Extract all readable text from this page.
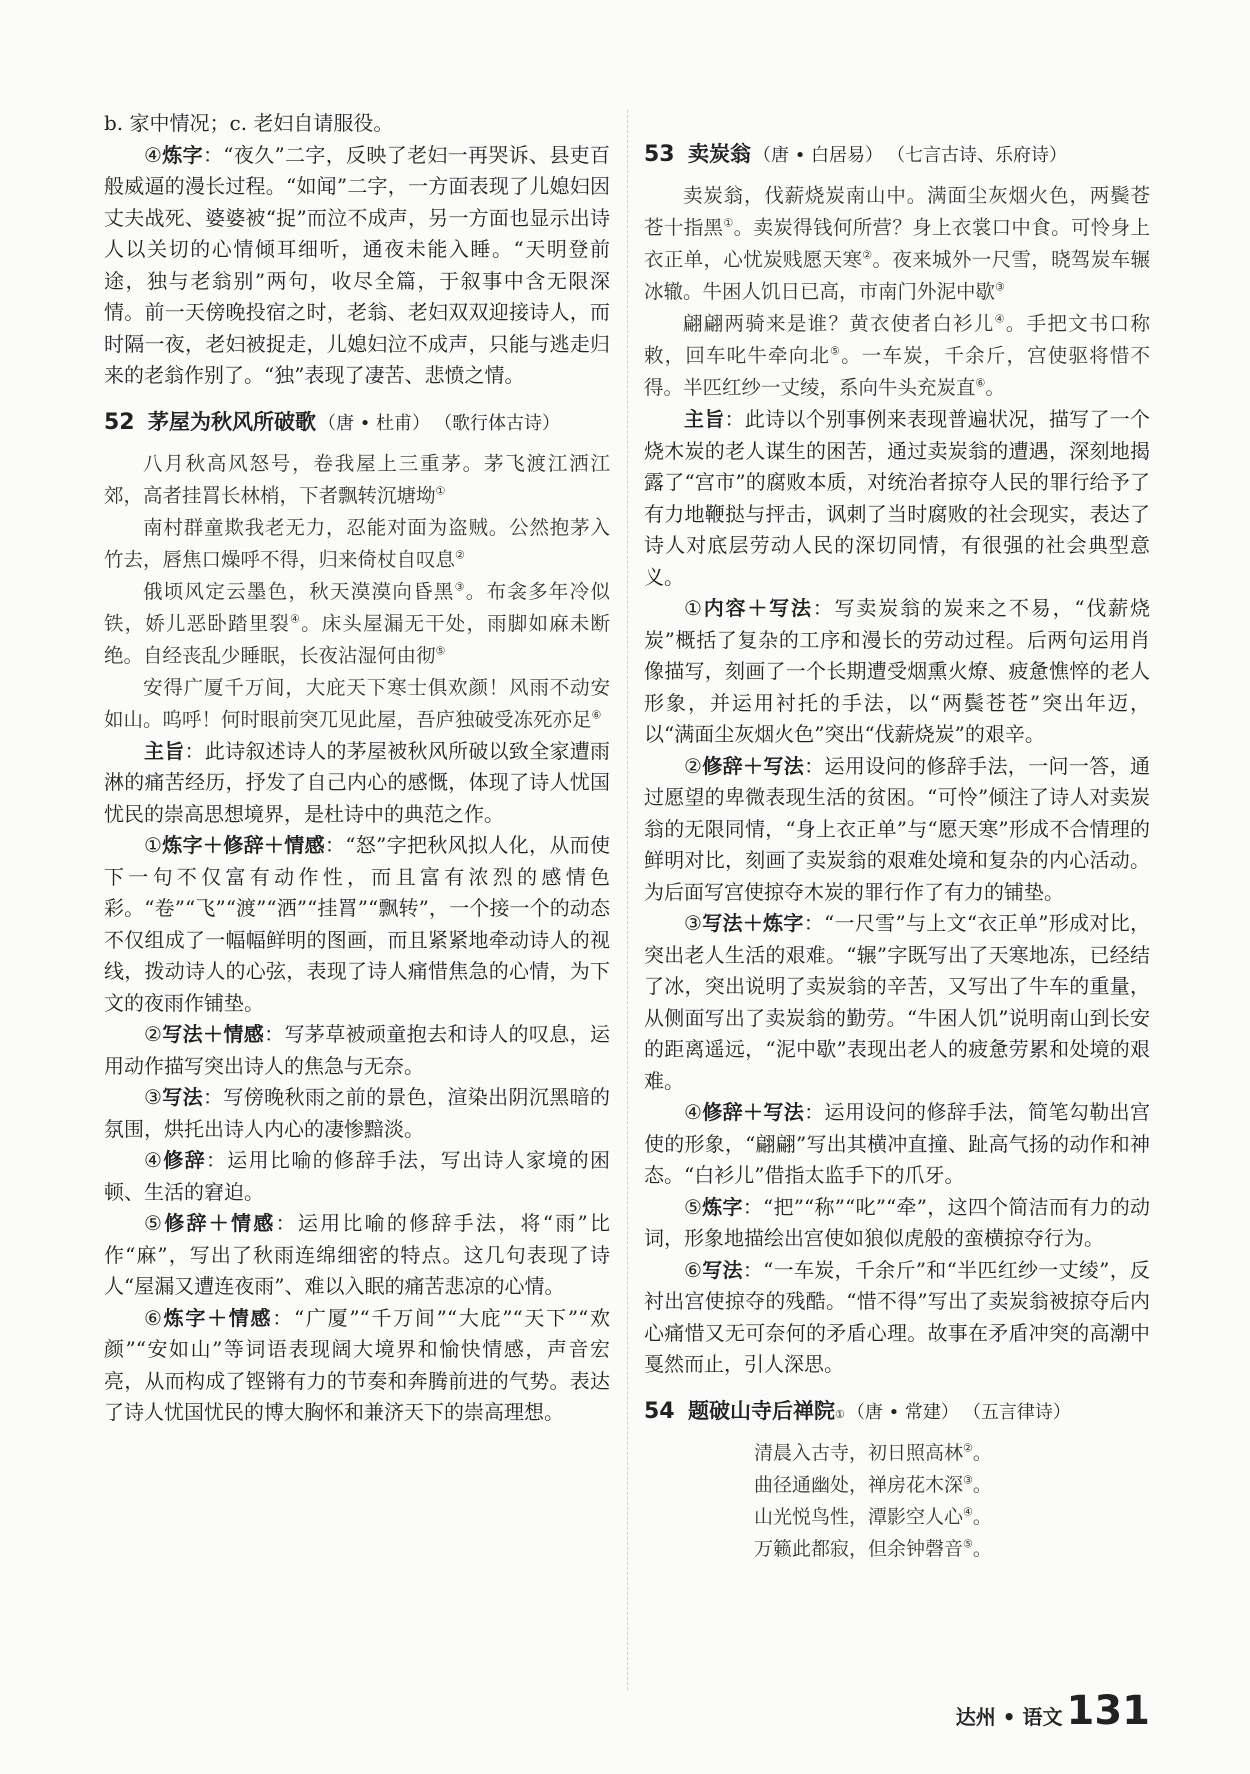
b. 家中情况；c. 老妇自请服役。

④炼字：“夜久”二字，反映了老妇一再哭诉、县吏百般威逼的漫长过程。“如闻”二字，一方面表现了儿媳妇因丈夫战死、婆婆被“捉”而泣不成声，另一方面也显示出诗人以关切的心情倾耳细听，通夜未能入睡。“天明登前途，独与老翁别”两句，收尽全篇，于叙事中含无限深情。前一天傍晚投宿之时，老翁、老妇双双迎接诗人，而时隔一夜，老妇被捉走，儿媳妇泣不成声，只能与逃走归来的老翁作别了。“独”表现了凄苦、悲愤之情。

52 茅屋为秋风所破歌 （唐 • 杜甫） （歌行体古诗）

八月秋高风怒号，卷我屋上三重茅。茅飞渡江洒江郊，高者挂罥长林梢，下者飘转沉塘坳①

南村群童欺我老无力，忍能对面为盗贼。公然抱茅入竹去，唇焦口燥呼不得，归来倚杖自叹息②

俄顷风定云墨色，秋天漠漠向昏黑③。布衾多年冷似铁，娇儿恶卧踏里裂④。床头屋漏无干处，雨脚如麻未断绝。自经丧乱少睡眠，长夜沾湿何由彻⑤

安得广厦千万间，大庇天下寒士俱欢颜！风雨不动安如山。呜呼！何时眼前突兀见此屋，吾庐独破受冻死亦足⑥

主旨：此诗叙述诗人的茅屋被秋风所破以致全家遭雨淋的痛苦经历，抒发了自己内心的感慨，体现了诗人忧国忧民的崇高思想境界，是杜诗中的典范之作。

①炼字＋修辞＋情感：“怒”字把秋风拟人化，从而使下一句不仅富有动作性，而且富有浓烈的感情色彩。“卷”“飞”“渡”“洒”“挂罥”“飘转”，一个接一个的动态不仅组成了一幅幅鲜明的图画，而且紧紧地牵动诗人的视线，拨动诗人的心弦，表现了诗人痛惜焦急的心情，为下文的夜雨作铺垫。

②写法＋情感：写茅草被顽童抱去和诗人的叹息，运用动作描写突出诗人的焦急与无奈。

③写法：写傍晚秋雨之前的景色，渲染出阴沉黑暗的氛围，烘托出诗人内心的凄惨黯淡。

④修辞：运用比喻的修辞手法，写出诗人家境的困顿、生活的窘迫。

⑤修辞＋情感：运用比喻的修辞手法，将“雨”比作“麻”，写出了秋雨连绵细密的特点。这几句表现了诗人“屋漏又遭连夜雨”、难以入眠的痛苦悲凉的心情。

⑥炼字＋情感：“广厦”“千万间”“大庇”“天下”“欢颜”“安如山”等词语表现阔大境界和愉快情感，声音宏亮，从而构成了铿锵有力的节奏和奔腾前进的气势。表达了诗人忧国忧民的博大胸怀和兼济天下的崇高理想。

53 卖炭翁 （唐 • 白居易） （七言古诗、乐府诗）

卖炭翁，伐薪烧炭南山中。满面尘灰烟火色，两鬓苍苍十指黑①。卖炭得钱何所营？身上衣裳口中食。可怜身上衣正单，心忧炭贱愿天寒②。夜来城外一尺雪，晓驾炭车辗冰辙。牛困人饥日已高，市南门外泥中歇③

翩翩两骑来是谁？黄衣使者白衫儿④。手把文书口称敕，回车叱牛牵向北⑤。一车炭，千余斤，宫使驱将惜不得。半匹红纱一丈绫，系向牛头充炭直⑥。

主旨：此诗以个别事例来表现普遍状况，描写了一个烧木炭的老人谋生的困苦，通过卖炭翁的遭遇，深刻地揭露了“宫市”的腐败本质，对统治者掠夺人民的罪行给予了有力地鞭挞与抨击，讽刺了当时腐败的社会现实，表达了诗人对底层劳动人民的深切同情，有很强的社会典型意义。

①内容＋写法：写卖炭翁的炭来之不易，“伐薪烧炭”概括了复杂的工序和漫长的劳动过程。后两句运用肖像描写，刻画了一个长期遭受烟熏火燎、疲惫憔悴的老人形象，并运用衬托的手法，以“两鬓苍苍”突出年迈，以“满面尘灰烟火色”突出“伐薪烧炭”的艰辛。

②修辞＋写法：运用设问的修辞手法，一问一答，通过愿望的卑微表现生活的贫困。“可怜”倾注了诗人对卖炭翁的无限同情，“身上衣正单”与“愿天寒”形成不合情理的鲜明对比，刻画了卖炭翁的艰难处境和复杂的内心活动。为后面写宫使掠夺木炭的罪行作了有力的铺垫。

③写法＋炼字：“一尺雪”与上文“衣正单”形成对比，突出老人生活的艰难。“辗”字既写出了天寒地冻，已经结了冰，突出说明了卖炭翁的辛苦，又写出了牛车的重量，从侧面写出了卖炭翁的勤劳。“牛困人饥”说明南山到长安的距离遥远，“泥中歇”表现出老人的疲惫劳累和处境的艰难。

④修辞＋写法：运用设问的修辞手法，简笔勾勒出宫使的形象，“翩翩”写出其横冲直撞、趾高气扬的动作和神态。“白衫儿”借指太监手下的爪牙。

⑤炼字：“把”“称”“叱”“牵”，这四个简洁而有力的动词，形象地描绘出宫使如狼似虎般的蛮横掠夺行为。

⑥写法：“一车炭，千余斤”和“半匹红纱一丈绫”，反衬出宫使掠夺的残酷。“惜不得”写出了卖炭翁被掠夺后内心痛惜又无可奈何的矛盾心理。故事在矛盾冲突的高潮中戛然而止，引人深思。

54 题破山寺后禅院 ① （唐 • 常建） （五言律诗）

清晨入古寺，初日照高林②。

曲径通幽处，禅房花木深③。

山光悦鸟性，潭影空人心④。

万籁此都寂，但余钟磬音⑤。

达州 • 语文 131
